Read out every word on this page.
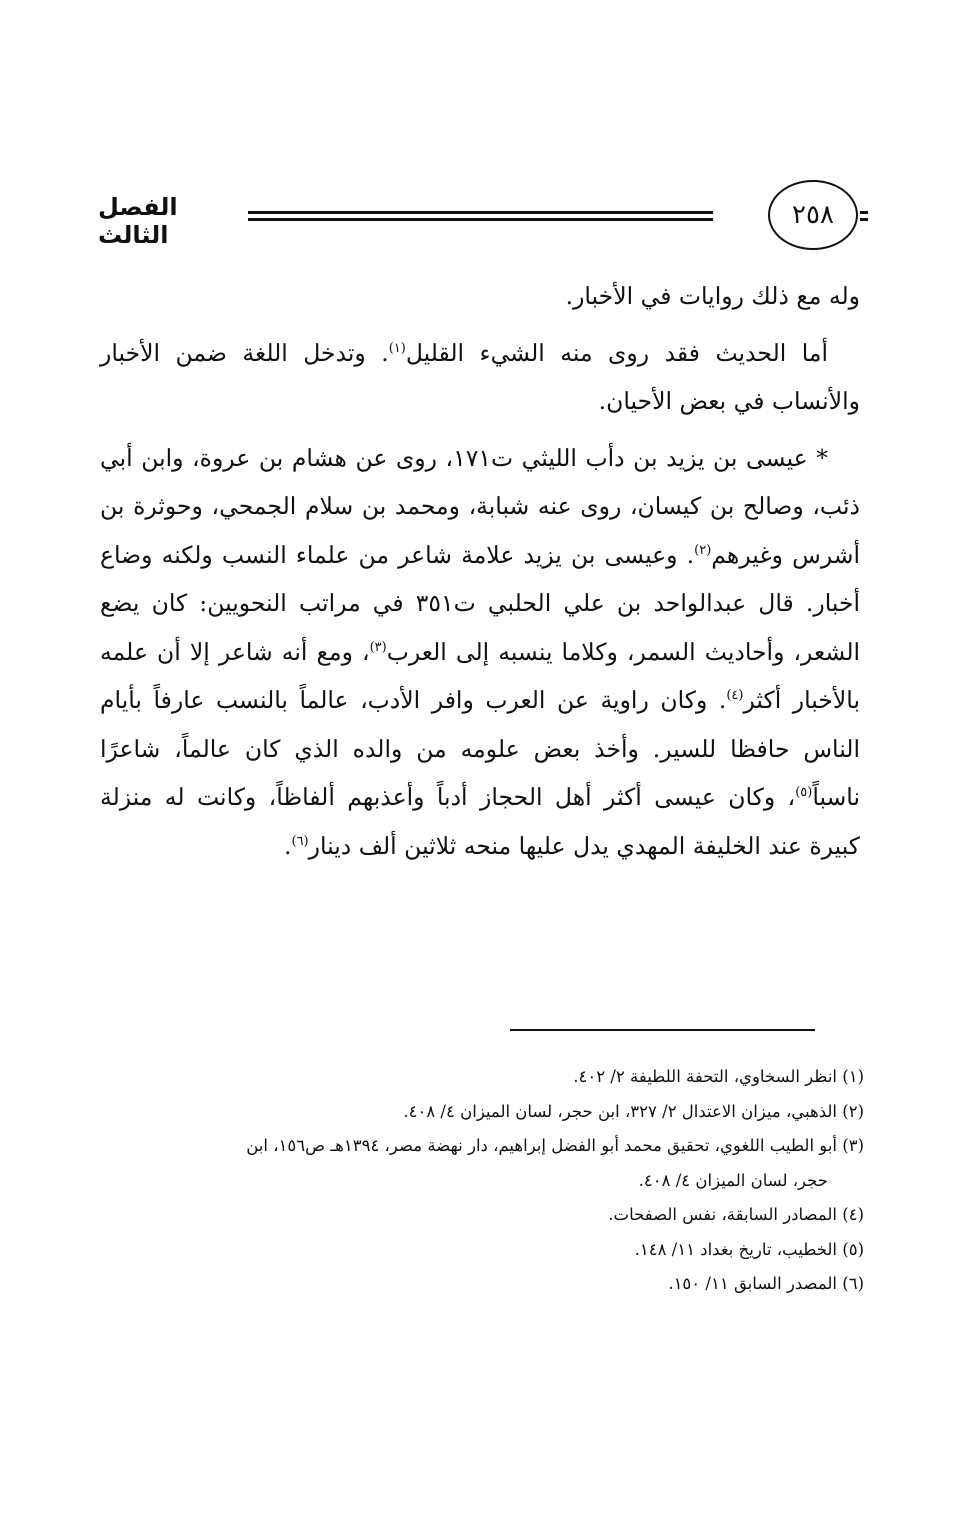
الفصل الثالث
٢٥٨

وله مع ذلك روايات في الأخبار.

أما الحديث فقد روى منه الشيء القليل$^{(١)}$. وتدخل اللغة ضمن الأخبار والأنساب في بعض الأحيان.

* عيسى بن يزيد بن دأب الليثي ت١٧١، روى عن هشام بن عروة، وابن أبي ذئب، وصالح بن كيسان، روى عنه شبابة، ومحمد بن سلام الجمحي، وحوثرة بن أشرس وغيرهم$^{(٢)}$. وعيسى بن يزيد علامة شاعر من علماء النسب ولكنه وضاع أخبار. قال عبدالواحد بن علي الحلبي ت٣٥١ في مراتب النحويين: كان يضع الشعر، وأحاديث السمر، وكلاما ينسبه إلى العرب$^{(٣)}$، ومع أنه شاعر إلا أن علمه بالأخبار أكثر$^{(٤)}$. وكان راوية عن العرب وافر الأدب، عالماً بالنسب عارفاً بأيام الناس حافظا للسير. وأخذ بعض علومه من والده الذي كان عالماً، شاعرًا ناسباً$^{(٥)}$، وكان عيسى أكثر أهل الحجاز أدباً وأعذبهم ألفاظاً، وكانت له منزلة كبيرة عند الخليفة المهدي يدل عليها منحه ثلاثين ألف دينار$^{(٦)}$.

(١) انظر السخاوي، التحفة اللطيفة ٢/ ٤٠٢.

(٢) الذهبي، ميزان الاعتدال ٢/ ٣٢٧، ابن حجر، لسان الميزان ٤/ ٤٠٨.

(٣) أبو الطيب اللغوي، تحقيق محمد أبو الفضل إبراهيم، دار نهضة مصر، ١٣٩٤هـ ص١٥٦، ابن

حجر، لسان الميزان ٤/ ٤٠٨.

(٤) المصادر السابقة، نفس الصفحات.

(٥) الخطيب، تاريخ بغداد ١١/ ١٤٨.

(٦) المصدر السابق ١١/ ١٥٠.
